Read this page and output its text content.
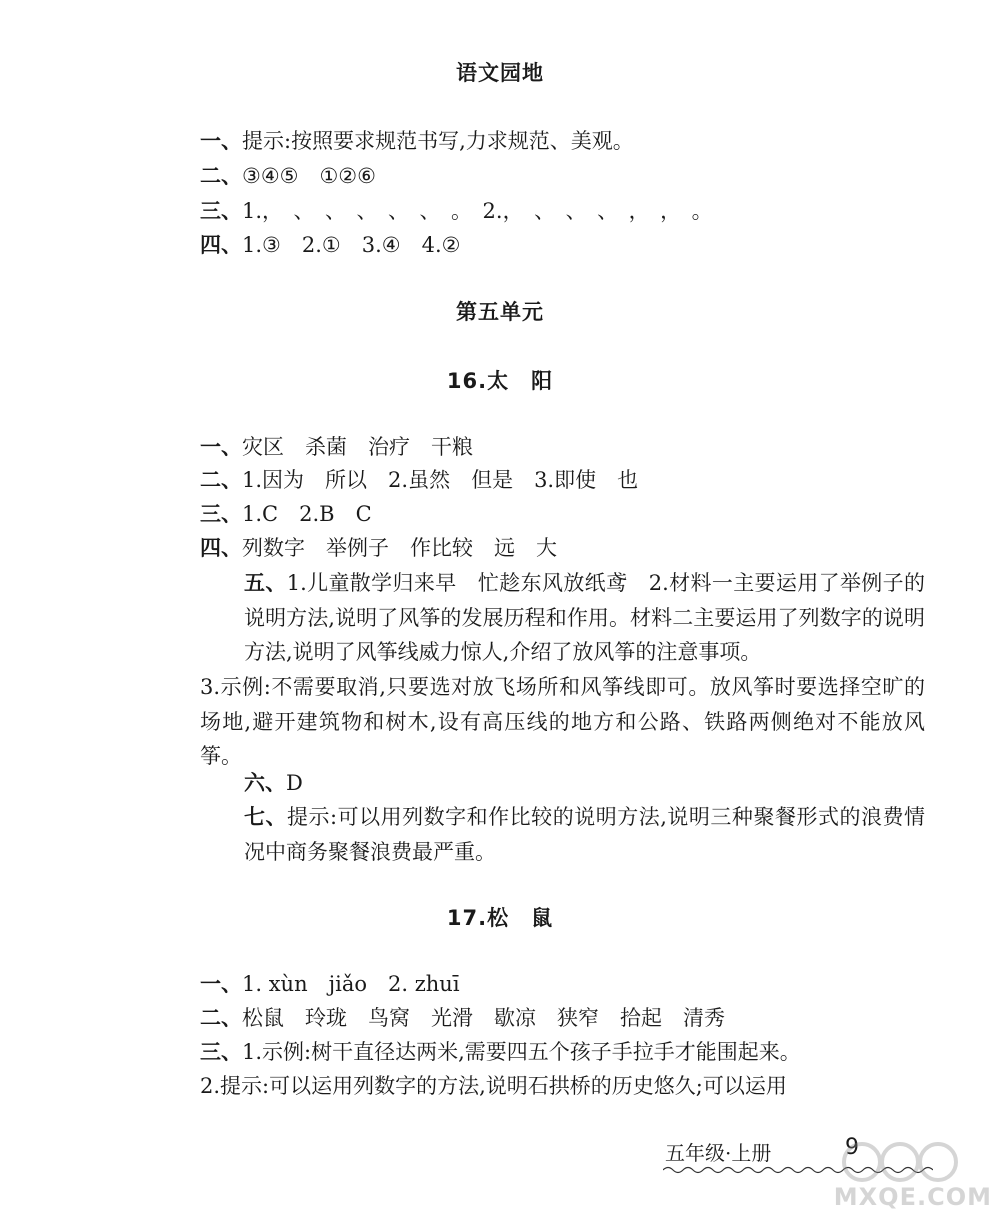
语文园地
一、提示:按照要求规范书写,力求规范、美观。
二、③④⑤　①②⑥
三、1.，　、　、　、　、　、　。　2.，　、　、　、　，　，　。
四、1.③　2.①　3.④　4.②
第五单元
16.太　阳
一、灾区　杀菌　治疗　干粮
二、1.因为　所以　2.虽然　但是　3.即使　也
三、1.C　2.B　C
四、列数字　举例子　作比较　远　大
五、1.儿童散学归来早　忙趁东风放纸鸢　2.材料一主要运用了举例子的说明方法,说明了风筝的发展历程和作用。材料二主要运用了列数字的说明方法,说明了风筝线威力惊人,介绍了放风筝的注意事项。
3.示例:不需要取消,只要选对放飞场所和风筝线即可。放风筝时要选择空旷的场地,避开建筑物和树木,设有高压线的地方和公路、铁路两侧绝对不能放风筝。
六、D
七、提示:可以用列数字和作比较的说明方法,说明三种聚餐形式的浪费情况中商务聚餐浪费最严重。
17.松　鼠
一、1. xùn　jiǎo　2. zhuī
二、松鼠　玲珑　鸟窝　光滑　歇凉　狭窄　拾起　清秀
三、1.示例:树干直径达两米,需要四五个孩子手拉手才能围起来。
2.提示:可以运用列数字的方法,说明石拱桥的历史悠久;可以运用
五年级·上册	9
MXQE.COM
